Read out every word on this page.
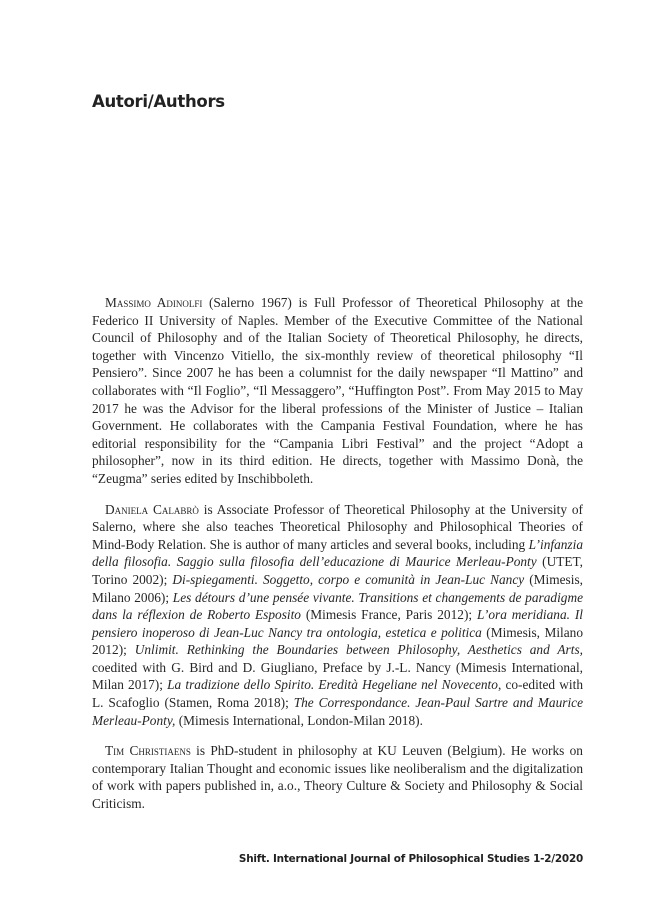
Autori/Authors

Massimo Adinolfi (Salerno 1967) is Full Professor of Theoretical Philosophy at the Federico II University of Naples. Member of the Executive Committee of the National Council of Philosophy and of the Italian Society of Theoretical Philosophy, he directs, together with Vincenzo Vitiello, the six-monthly review of theoretical philosophy “Il Pensiero”. Since 2007 he has been a columnist for the daily newspaper “Il Mattino” and collaborates with “Il Foglio”, “Il Messaggero”, “Huffington Post”. From May 2015 to May 2017 he was the Advisor for the liberal professions of the Minister of Justice – Italian Government. He collaborates with the Campania Festival Foundation, where he has editorial responsibility for the “Campania Libri Festival” and the project “Adopt a philosopher”, now in its third edition. He directs, together with Massimo Donà, the “Zeugma” series edited by Inschibboleth.

Daniela Calabrò is Associate Professor of Theoretical Philosophy at the University of Salerno, where she also teaches Theoretical Philosophy and Philosophical Theories of Mind-Body Relation. She is author of many articles and several books, including L’infanzia della filosofia. Saggio sulla filosofia dell’educazione di Maurice Merleau-Ponty (UTET, Torino 2002); Di-spiegamenti. Soggetto, corpo e comunità in Jean-Luc Nancy (Mimesis, Milano 2006); Les détours d’une pensée vivante. Transitions et changements de paradigme dans la réflexion de Roberto Esposito (Mimesis France, Paris 2012); L’ora meridiana. Il pensiero inoperoso di Jean-Luc Nancy tra ontologia, estetica e politica (Mimesis, Milano 2012); Unlimit. Rethinking the Boundaries between Philosophy, Aesthetics and Arts, coedited with G. Bird and D. Giugliano, Preface by J.-L. Nancy (Mimesis International, Milan 2017); La tradizione dello Spirito. Eredità Hegeliane nel Novecento, co-edited with L. Scafoglio (Stamen, Roma 2018); The Correspondance. Jean-Paul Sartre and Maurice Merleau-Ponty, (Mimesis International, London-Milan 2018).

Tim Christiaens is PhD-student in philosophy at KU Leuven (Belgium). He works on contemporary Italian Thought and economic issues like neoliberalism and the digitalization of work with papers published in, a.o., Theory Culture & Society and Philosophy & Social Criticism.

Shift. International Journal of Philosophical Studies 1-2/2020
